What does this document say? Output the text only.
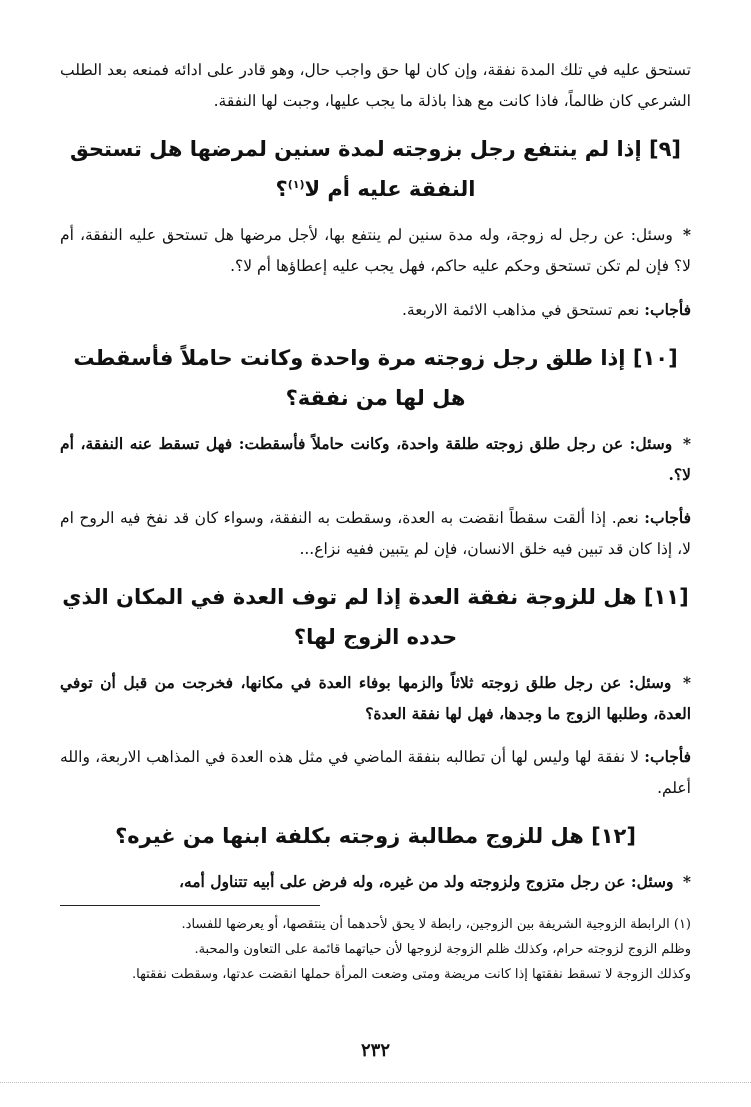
تستحق عليه في تلك المدة نفقة، وإن كان لها حق واجب حال، وهو قادر على ادائه فمنعه بعد الطلب الشرعي كان ظالماً، فاذا كانت مع هذا باذلة ما يجب عليها، وجبت لها النفقة.

[٩] إذا لم ينتفع رجل بزوجته لمدة سنين لمرضها هل تستحق النفقة عليه أم لا$^{(١)}$؟

* وسئل: عن رجل له زوجة، وله مدة سنين لم ينتفع بها، لأجل مرضها هل تستحق عليه النفقة، أم لا؟ فإن لم تكن تستحق وحكم عليه حاكم، فهل يجب عليه إعطاؤها أم لا؟.

فأجاب: نعم تستحق في مذاهب الائمة الاربعة.

[١٠] إذا طلق رجل زوجته مرة واحدة وكانت حاملاً فأسقطت هل لها من نفقة؟

* وسئل: عن رجل طلق زوجته طلقة واحدة، وكانت حاملاً فأسقطت: فهل تسقط عنه النفقة، أم لا؟.

فأجاب: نعم. إذا ألقت سقطاً انقضت به العدة، وسقطت به النفقة، وسواء كان قد نفخ فيه الروح ام لا، إذا كان قد تبين فيه خلق الانسان، فإن لم يتبين ففيه نزاع...

[١١] هل للزوجة نفقة العدة إذا لم توف العدة في المكان الذي حدده الزوج لها؟

* وسئل: عن رجل طلق زوجته ثلاثاً والزمها بوفاء العدة في مكانها، فخرجت من قبل أن توفي العدة، وطلبها الزوج ما وجدها، فهل لها نفقة العدة؟

فأجاب: لا نفقة لها وليس لها أن تطالبه بنفقة الماضي في مثل هذه العدة في المذاهب الاربعة، والله أعلم.

[١٢] هل للزوج مطالبة زوجته بكلفة ابنها من غيره؟

* وسئل: عن رجل متزوج ولزوجته ولد من غيره، وله فرض على أبيه تتناول أمه،

(١) الرابطة الزوجية الشريفة بين الزوجين، رابطة لا يحق لأحدهما أن ينتقصها، أو يعرضها للفساد.

وظلم الزوج لزوجته حرام، وكذلك ظلم الزوجة لزوجها لأن حياتهما قائمة على التعاون والمحبة.

وكذلك الزوجة لا تسقط نفقتها إذا كانت مريضة ومتى وضعت المرأة حملها انقضت عدتها، وسقطت نفقتها.

٢٣٢
